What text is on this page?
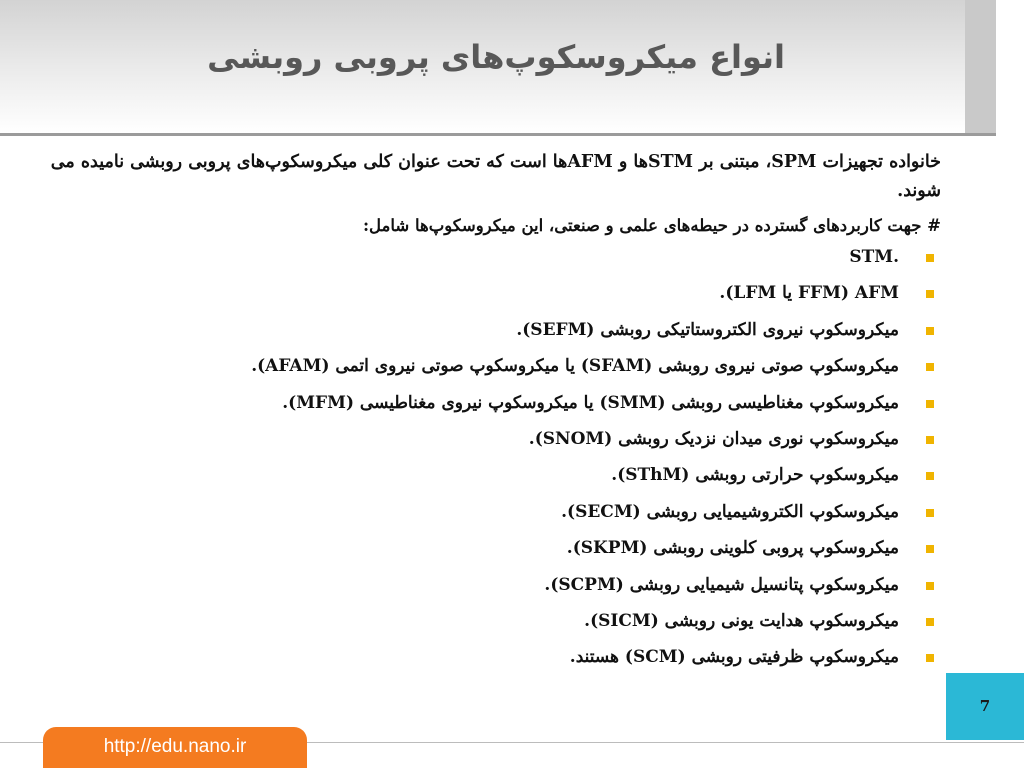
انواع میکروسکوپ‌های پروبی روبشی

خانواده تجهیزات SPM، مبتنی بر STMها و AFMها است که تحت عنوان کلی میکروسکوپ‌های پروبی روبشی نامیده می شوند.

# جهت کاربردهای گسترده در حیطه‌های علمی و صنعتی، این میکروسکوپ‌ها شامل:

STM.
AFM (FFM یا LFM).
میکروسکوپ نیروی الکتروستاتیکی روبشی (SEFM).
میکروسکوپ صوتی نیروی روبشی (SFAM) یا میکروسکوپ صوتی نیروی اتمی (AFAM).
میکروسکوپ مغناطیسی روبشی (SMM) یا میکروسکوپ نیروی مغناطیسی (MFM).
میکروسکوپ نوری میدان نزدیک روبشی (SNOM).
میکروسکوپ حرارتی روبشی (SThM).
میکروسکوپ الکتروشیمیایی روبشی (SECM).
میکروسکوپ پروبی کلوینی روبشی (SKPM).
میکروسکوپ پتانسیل شیمیایی روبشی (SCPM).
میکروسکوپ هدایت یونی روبشی (SICM).
میکروسکوپ ظرفیتی روبشی (SCM) هستند.
7
http://edu.nano.ir
